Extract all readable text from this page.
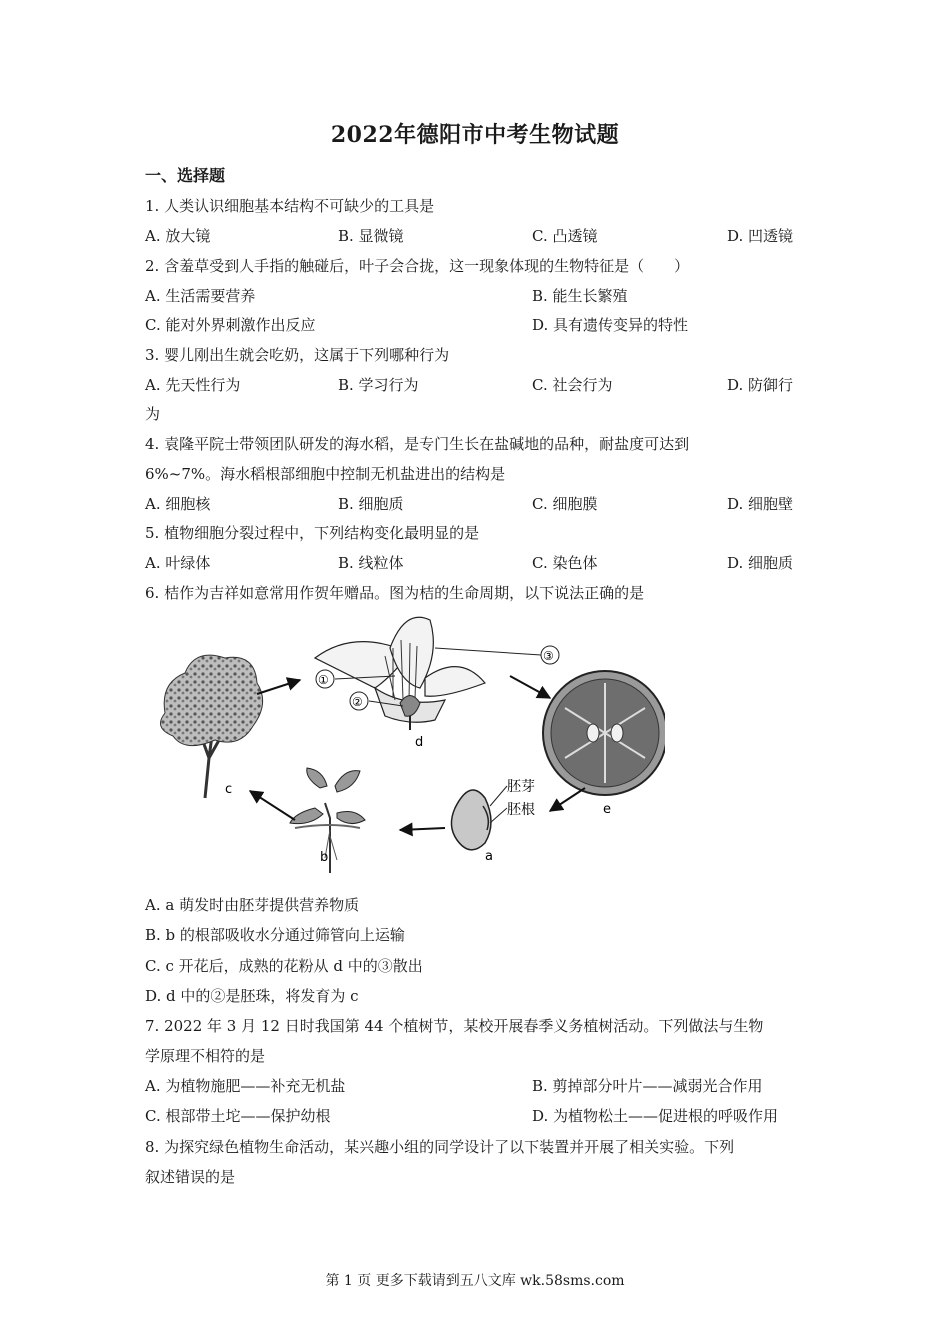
2022年德阳市中考生物试题
一、选择题
1. 人类认识细胞基本结构不可缺少的工具是
A. 放大镜	B. 显微镜	C. 凸透镜	D. 凹透镜
2. 含羞草受到人手指的触碰后，叶子会合拢，这一现象体现的生物特征是（　　）
A. 生活需要营养	B. 能生长繁殖
C. 能对外界刺激作出反应	D. 具有遗传变异的特性
3. 婴儿刚出生就会吃奶，这属于下列哪种行为
A. 先天性行为	B. 学习行为	C. 社会行为	D. 防御行
为
4. 袁隆平院士带领团队研发的海水稻，是专门生长在盐碱地的品种，耐盐度可达到
6%~7%。海水稻根部细胞中控制无机盐进出的结构是
A. 细胞核	B. 细胞质	C. 细胞膜	D. 细胞壁
5. 植物细胞分裂过程中，下列结构变化最明显的是
A. 叶绿体	B. 线粒体	C. 染色体	D. 细胞质
6. 桔作为吉祥如意常用作贺年赠品。图为桔的生命周期，以下说法正确的是
c
①
②
③
d
e
胚芽
胚根
a
b
A. a 萌发时由胚芽提供营养物质
B. b 的根部吸收水分通过筛管向上运输
C. c 开花后，成熟的花粉从 d 中的③散出
D. d 中的②是胚珠，将发育为 c
7. 2022 年 3 月 12 日时我国第 44 个植树节，某校开展春季义务植树活动。下列做法与生物
学原理不相符的是
A. 为植物施肥——补充无机盐	B. 剪掉部分叶片——减弱光合作用
C. 根部带土坨——保护幼根	D. 为植物松土——促进根的呼吸作用
8. 为探究绿色植物生命活动，某兴趣小组的同学设计了以下装置并开展了相关实验。下列
叙述错误的是
第 1 页 更多下载请到五八文库 wk.58sms.com
